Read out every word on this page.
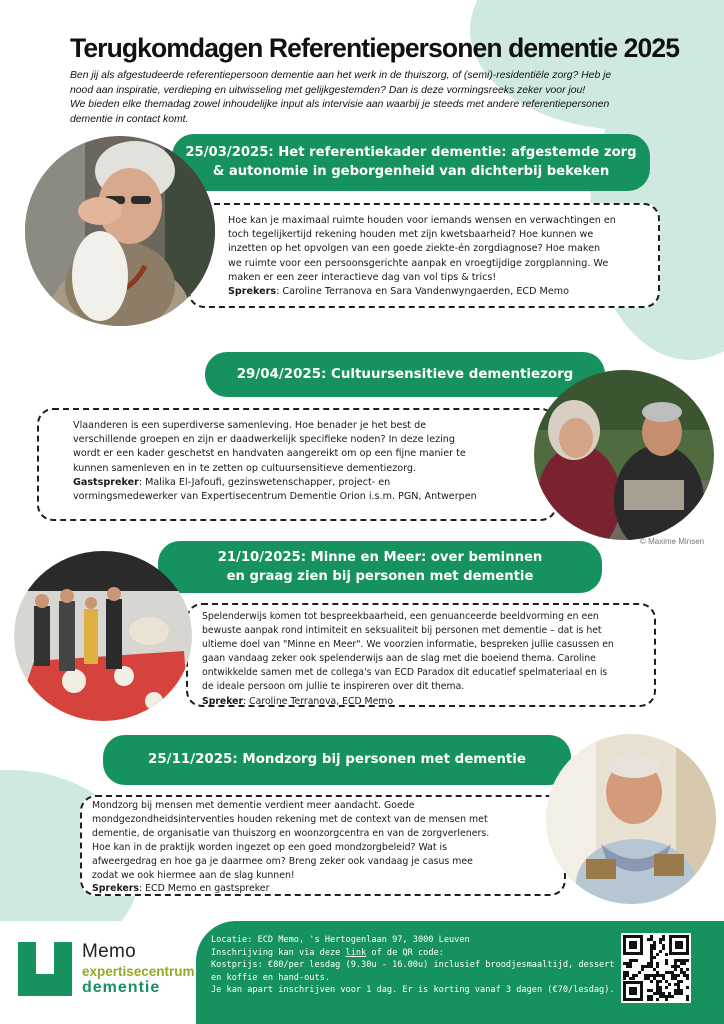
Terugkomdagen Referentiepersonen dementie 2025
Ben jij als afgestudeerde referentiepersoon dementie aan het werk in de thuiszorg, of (semi)-residentiële zorg? Heb je
nood aan inspiratie, verdieping en uitwisseling met gelijkgestemden? Dan is deze vormingsreeks zeker voor jou!
We bieden elke themadag zowel inhoudelijke input als intervisie aan waarbij je steeds met andere referentiepersonen
dementie in contact komt.
25/03/2025: Het referentiekader dementie: afgestemde zorg
& autonomie in geborgenheid van dichterbij bekeken
Hoe kan je maximaal ruimte houden voor iemands wensen en verwachtingen en
toch tegelijkertijd rekening houden met zijn kwetsbaarheid? Hoe kunnen we
inzetten op het opvolgen van een goede ziekte-én zorgdiagnose? Hoe maken
we ruimte voor een persoonsgerichte aanpak en vroegtijdige zorgplanning. We
maken er een zeer interactieve dag van vol tips & trics!
Sprekers: Caroline Terranova en Sara Vandenwyngaerden, ECD Memo
29/04/2025: Cultuursensitieve dementiezorg
Vlaanderen is een superdiverse samenleving. Hoe benader je het best de
verschillende groepen en zijn er daadwerkelijk specifieke noden? In deze lezing
wordt er een kader geschetst en handvaten aangereikt om op een fijne manier te
kunnen samenleven en in te zetten op cultuursensitieve dementiezorg.
Gastspreker: Malika El-Jafoufi, gezinswetenschapper, project- en
vormingsmedewerker van Expertisecentrum Dementie Orion i.s.m. PGN, Antwerpen
© Maxime Minsen
21/10/2025: Minne en Meer: over beminnen
en graag zien bij personen met dementie
Spelenderwijs komen tot bespreekbaarheid, een genuanceerde beeldvorming en een
bewuste aanpak rond intimiteit en seksualiteit bij personen met dementie – dat is het
ultieme doel van "Minne en Meer". We voorzien informatie, bespreken jullie casussen en
gaan vandaag zeker ook spelenderwijs aan de slag met die boeiend thema. Caroline
ontwikkelde samen met de collega's van ECD Paradox dit educatief spelmateriaal en is
de ideale persoon om jullie te inspireren over dit thema.
Spreker: Caroline Terranova, ECD Memo
25/11/2025: Mondzorg bij personen met dementie
Mondzorg bij mensen met dementie verdient meer aandacht. Goede
mondgezondheidsinterventies houden rekening met de context van de mensen met
dementie, de organisatie van thuiszorg en woonzorgcentra en van de zorgverleners.
Hoe kan in de praktijk worden ingezet op een goed mondzorgbeleid? Wat is
afweergedrag en hoe ga je daarmee om? Breng zeker ook vandaag je casus mee
zodat we ook hiermee aan de slag kunnen!
Sprekers: ECD Memo en gastspreker
Memo
expertisecentrum
dementie
Locatie: ECD Memo, 's Hertogenlaan 97, 3000 Leuven
Inschrijving kan via deze link of de QR code:
Kostprijs: €80/per lesdag (9.30u - 16.00u) inclusief broodjesmaaltijd, dessert
en koffie en hand-outs.
Je kan apart inschrijven voor 1 dag. Er is korting vanaf 3 dagen (€70/lesdag).
